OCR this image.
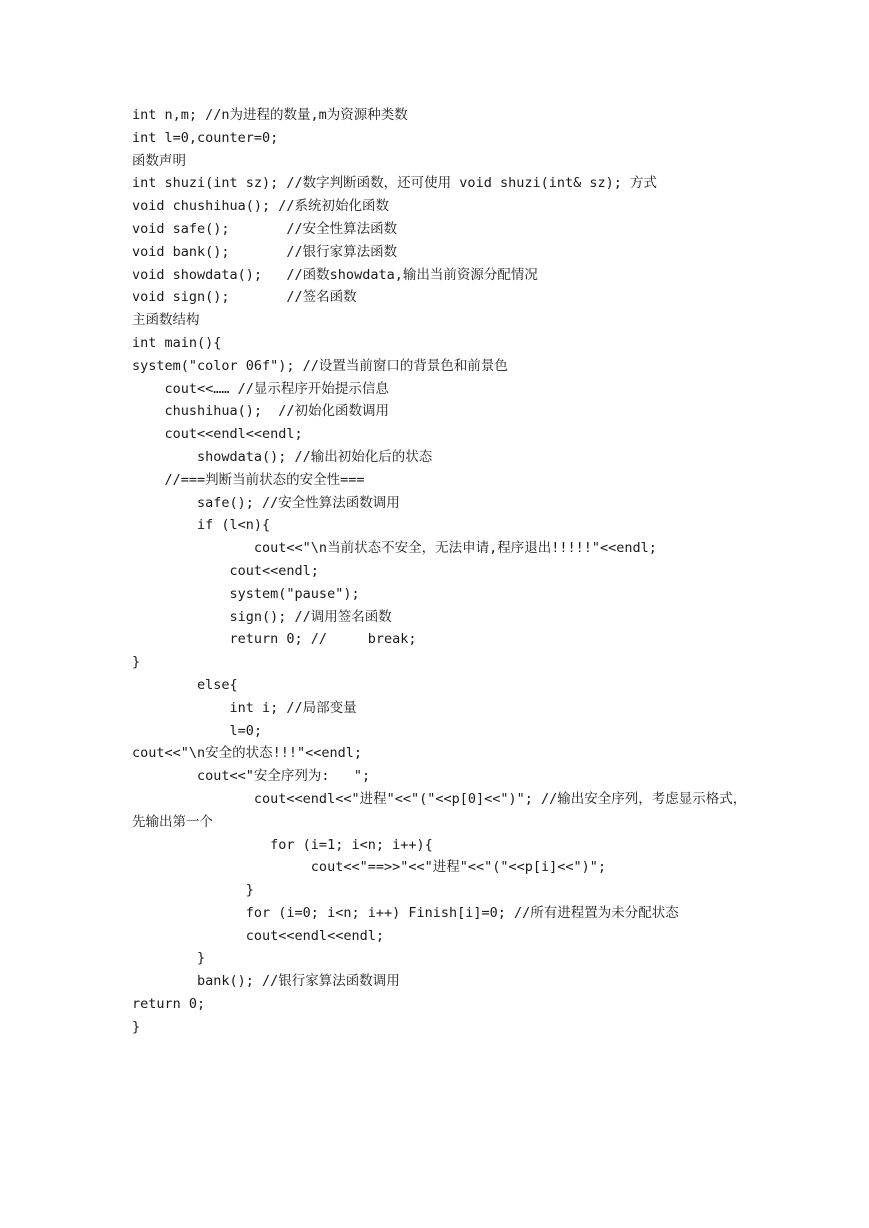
int n,m; //n为进程的数量,m为资源种类数
int l=0,counter=0;
函数声明
int shuzi(int sz); //数字判断函数，还可使用 void shuzi(int& sz); 方式
void chushihua(); //系统初始化函数
void safe();       //安全性算法函数
void bank();       //银行家算法函数
void showdata();   //函数showdata,输出当前资源分配情况
void sign();       //签名函数
主函数结构
int main(){
system("color 06f"); //设置当前窗口的背景色和前景色
cout<<…… //显示程序开始提示信息
chushihua();  //初始化函数调用
cout<<endl<<endl;
showdata(); //输出初始化后的状态
//===判断当前状态的安全性===
safe(); //安全性算法函数调用
if (l<n){
cout<<"\n当前状态不安全，无法申请,程序退出!!!!!"<<endl;
cout<<endl;
system("pause");
sign(); //调用签名函数
return 0; //     break;
}
else{
int i; //局部变量
l=0;
cout<<"\n安全的状态!!!"<<endl;
cout<<"安全序列为:   ";
cout<<endl<<"进程"<<"("<<p[0]<<")"; //输出安全序列，考虑显示格式，
先输出第一个
for (i=1; i<n; i++){
cout<<"==>>"<<"进程"<<"("<<p[i]<<")";
}
for (i=0; i<n; i++) Finish[i]=0; //所有进程置为未分配状态
cout<<endl<<endl;
}
bank(); //银行家算法函数调用
return 0;
}
